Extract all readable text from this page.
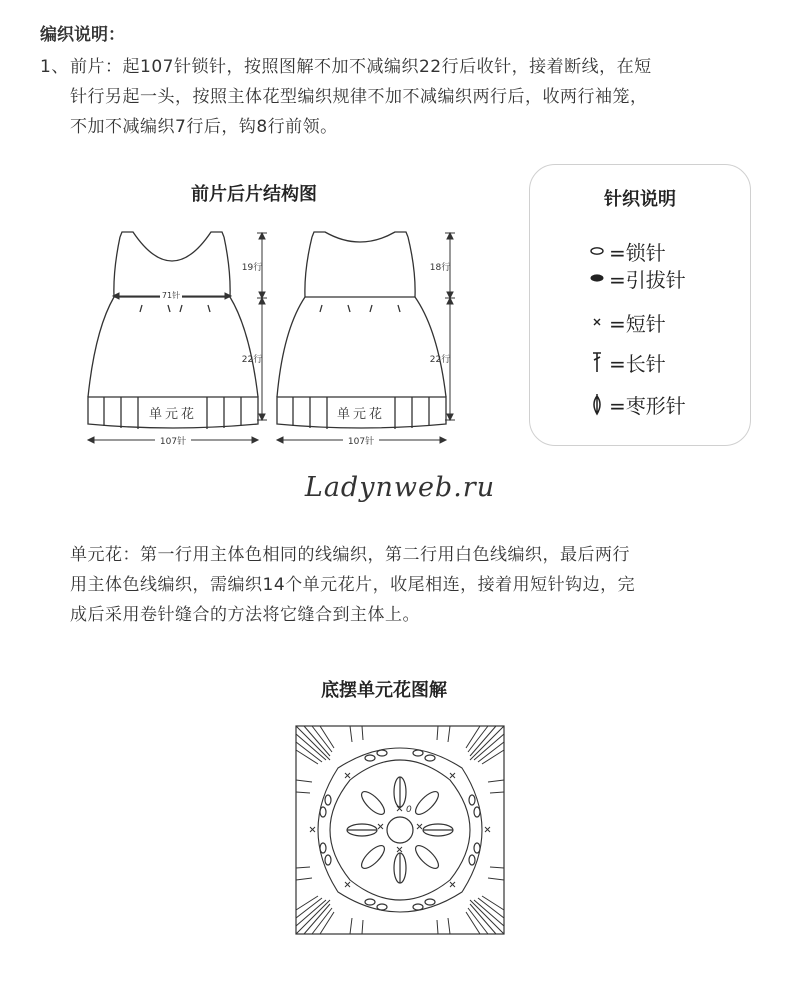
编织说明：
1、 前片：起107针锁针，按照图解不加不减编织22行后收针，接着断线，在短
针行另起一头，按照主体花型编织规律不加不减编织两行后，收两行袖笼，
不加不减编织7行后，钩8行前领。
前片后片结构图
71针
19行
22行
107针
单元花
18行
22行
107针
单元花
针织说明
=锁针
=引拔针
=短针
=长针
=枣形针
Ladynweb.ru
单元花：第一行用主体色相同的线编织，第二行用白色线编织，最后两行
用主体色线编织，需编织14个单元花片，收尾相连，接着用短针钩边，完
成后采用卷针缝合的方法将它缝合到主体上。
底摆单元花图解
0
